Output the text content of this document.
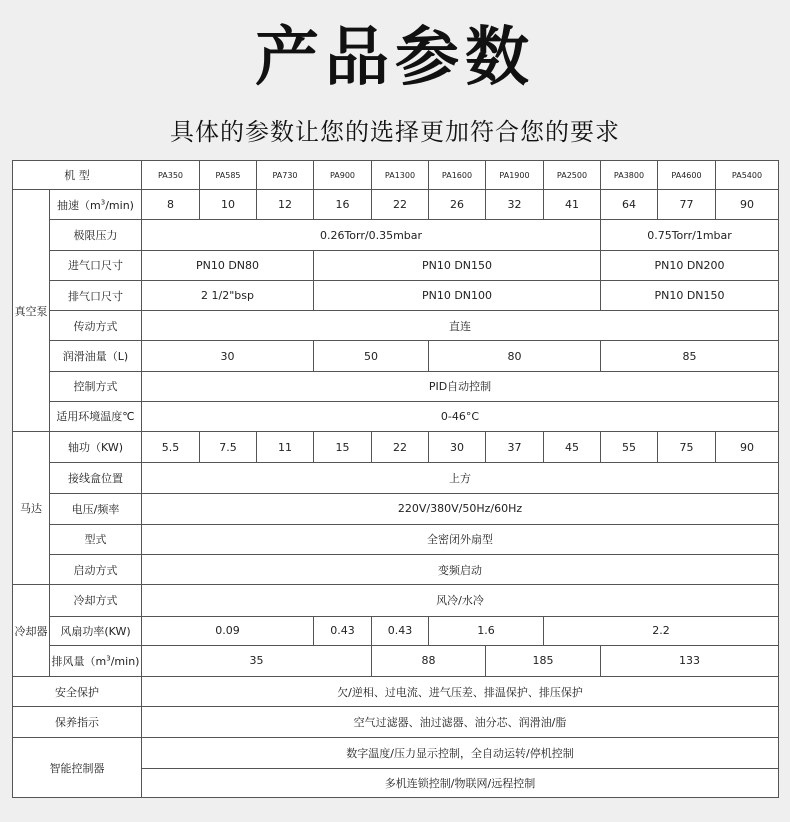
产品参数
具体的参数让您的选择更加符合您的要求
机 型		PA350	PA585	PA730	PA900	PA1300	PA1600	PA1900	PA2500	PA3800	PA4600	PA5400
真空泵	抽速$(m^3/\min)$	8	10	12	16	22	26	32	41	64	77	90
	极限压力	0.26Torr/0.35mbar								0.75Torr/1mbar		
	进气口尺寸	PN10 DN80			PN10 DN150					PN10 DN200		
	排气口尺寸	2 1/2"bsp			PN10 DN100					PN10 DN150		
	传动方式	直连										
	润滑油量（L)	30			50		80			85		
	控制方式	PID自动控制										
	适用环境温度℃	0-46°C										
马达	轴功（KW)	5.5	7.5	11	15	22	30	37	45	55	75	90
	接线盒位置	上方										
	电压/频率	220V/380V/50Hz/60Hz										
	型式	全密闭外扇型										
	启动方式	变频启动										
冷却器	冷却方式	风冷/水冷										
	风扇功率(KW)	0.09			0.43	0.43	1.6		2.2			
	排风量$(m^3/\min)$	35				88		185		133		
安全保护		欠/逆相、过电流、进气压差、排温保护、排压保护										
保养指示		空气过滤器、油过滤器、油分芯、润滑油/脂										
智能控制器		数字温度/压力显示控制，全自动运转/停机控制										
		多机连锁控制/物联网/远程控制										
